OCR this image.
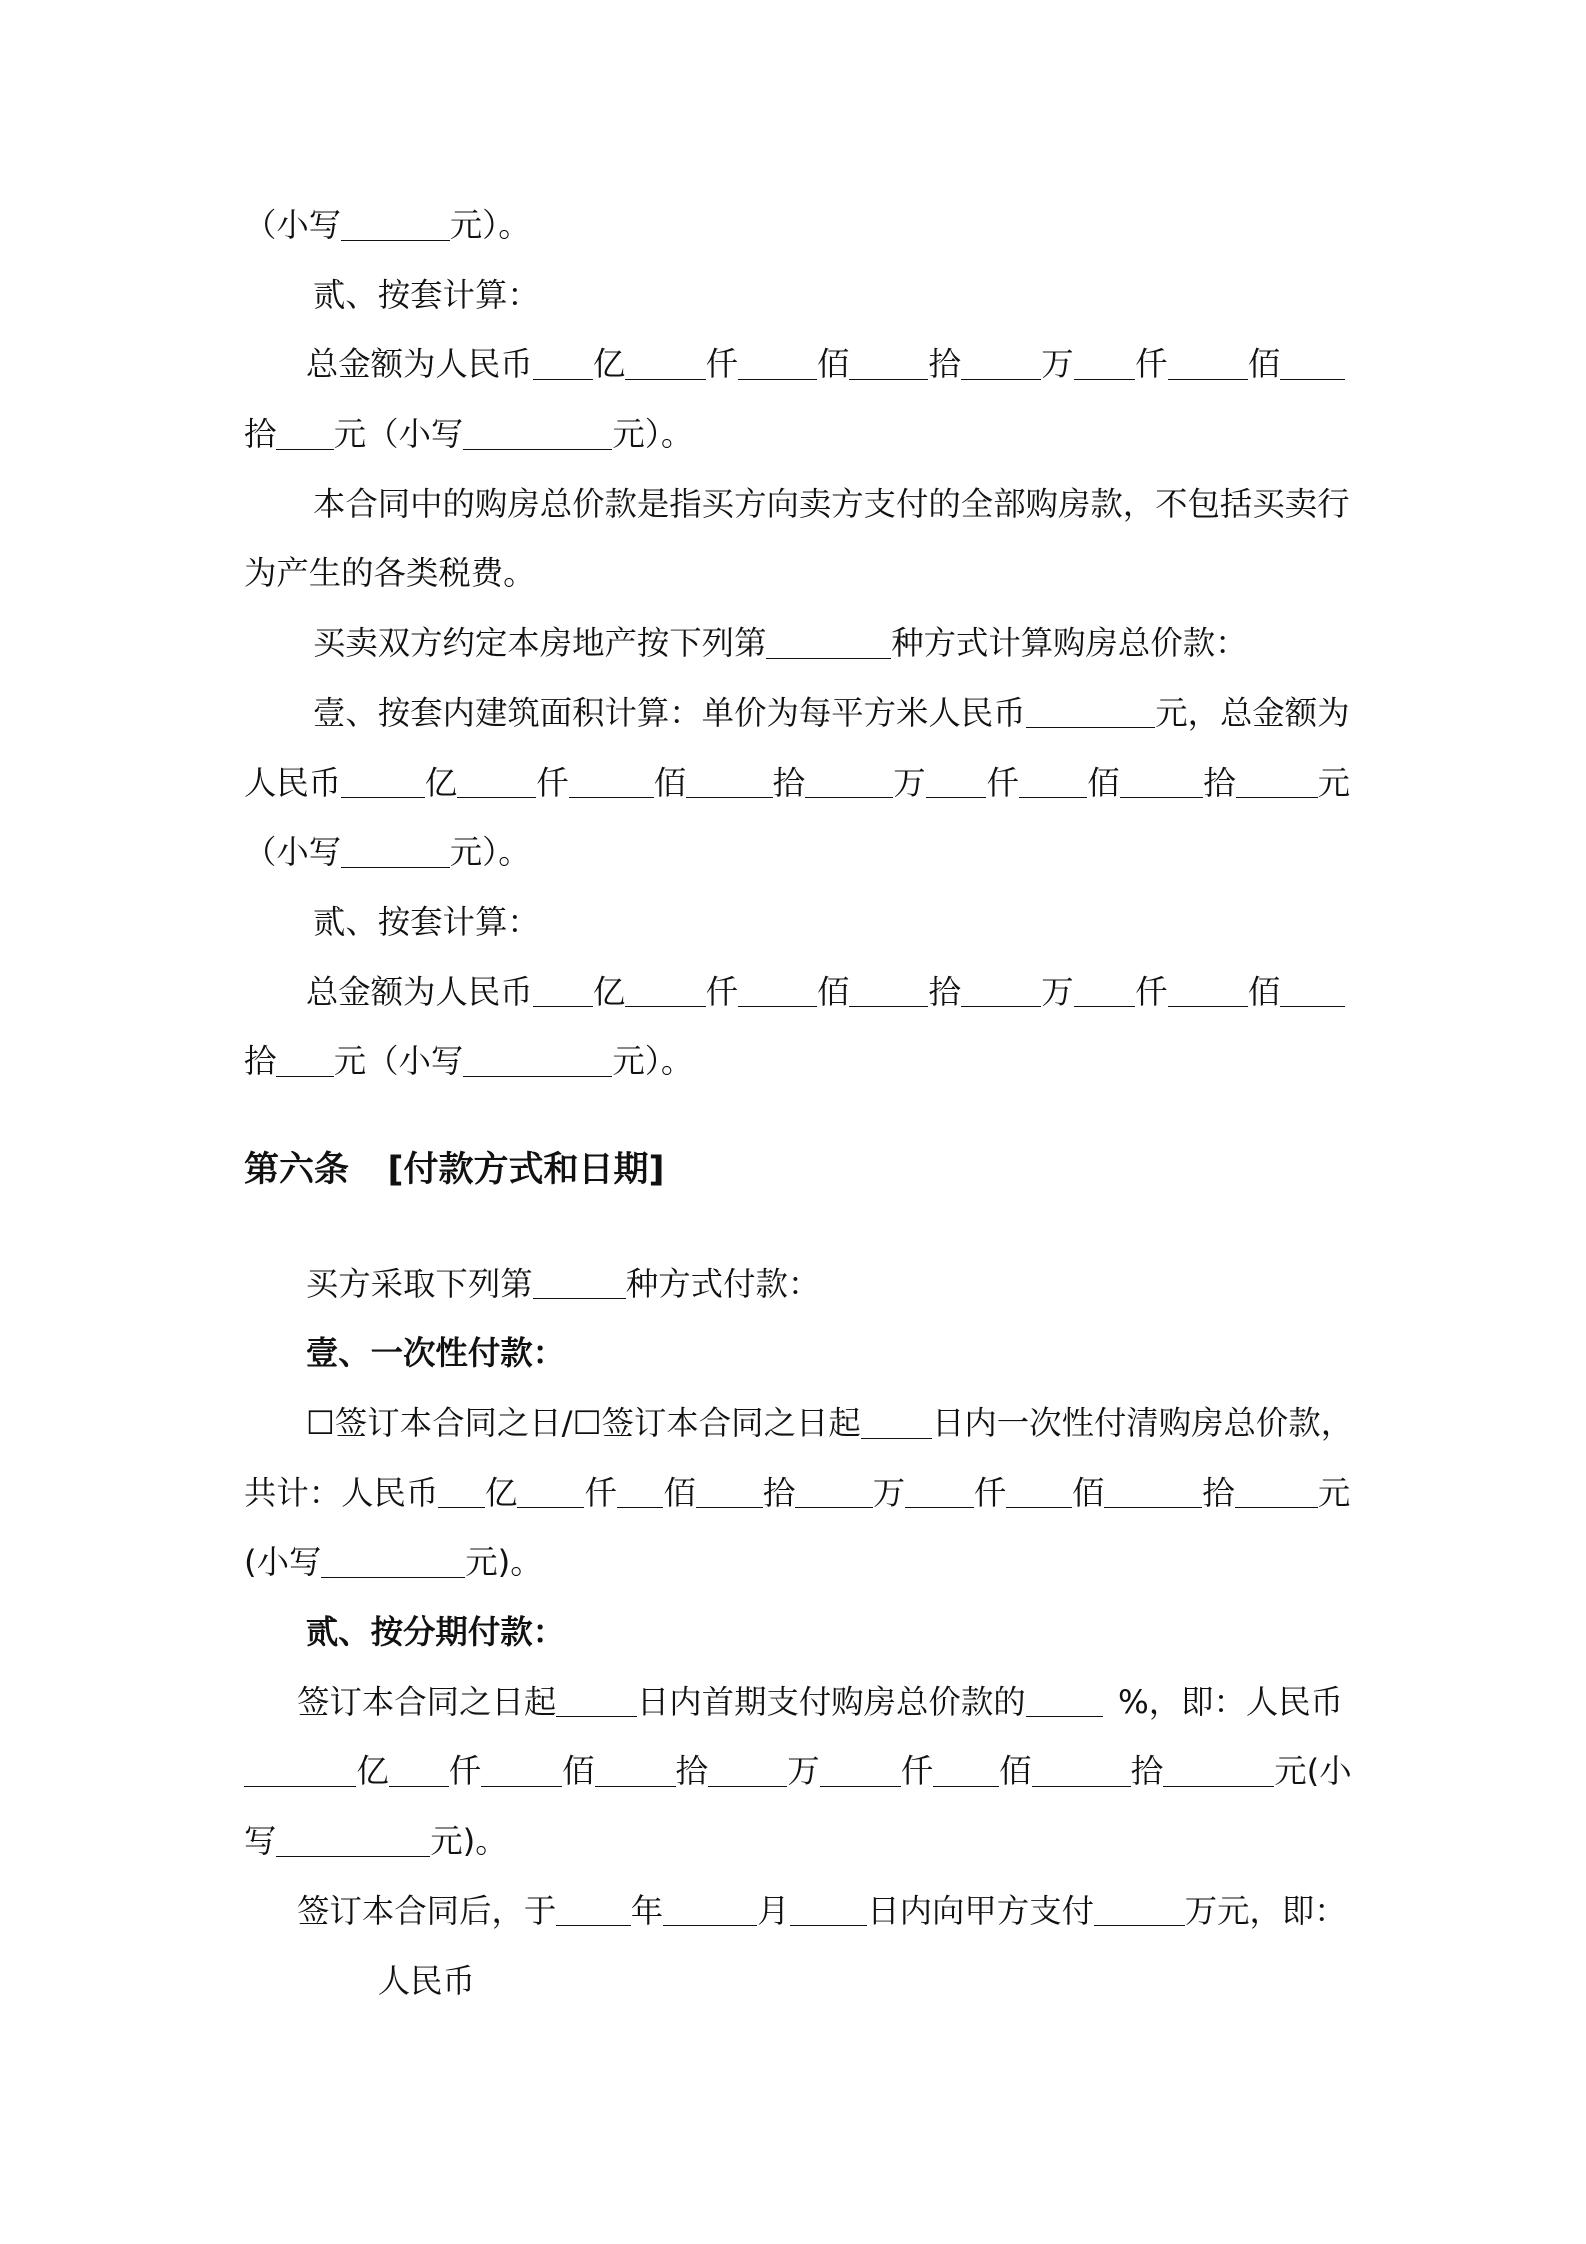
（小写	元）。
贰、按套计算：
总金额为人民币 亿 仟 佰 拾 万 仟 佰
拾 元（小写	元）。
本合同中的购房总价款是指买方向卖方支付的全部购房款，不包括买卖行
为产生的各类税费。
买卖双方约定本房地产按下列第	种方式计算购房总价款：
壹、按套内建筑面积计算：单价为每平方米人民币	元，总金额为
人民币	亿 仟	佰	拾	万 仟 佰	拾	元
（小写	元）。
贰、按套计算：
总金额为人民币 亿 仟 佰 拾 万 仟 佰
拾 元（小写	元）。
第六条 [付款方式和日期]
买方采取下列第	种方式付款：
壹、一次性付款：
☐ 签订本合同之日/ ☐ 签订本合同之日起 日内一次性付清购房总价款，
共计：人民币 亿 仟 佰 拾 万 仟 佰	拾	元
(小写	元)。
贰、按分期付款：
签订本合同之日起 日内首期支付购房总价款的	%，即：人民币
亿 仟	佰	拾 万	仟 佰	拾	元(小
写	元)。
签订本合同后，于 年	月 日内向甲方支付	万元，即：
人民币
